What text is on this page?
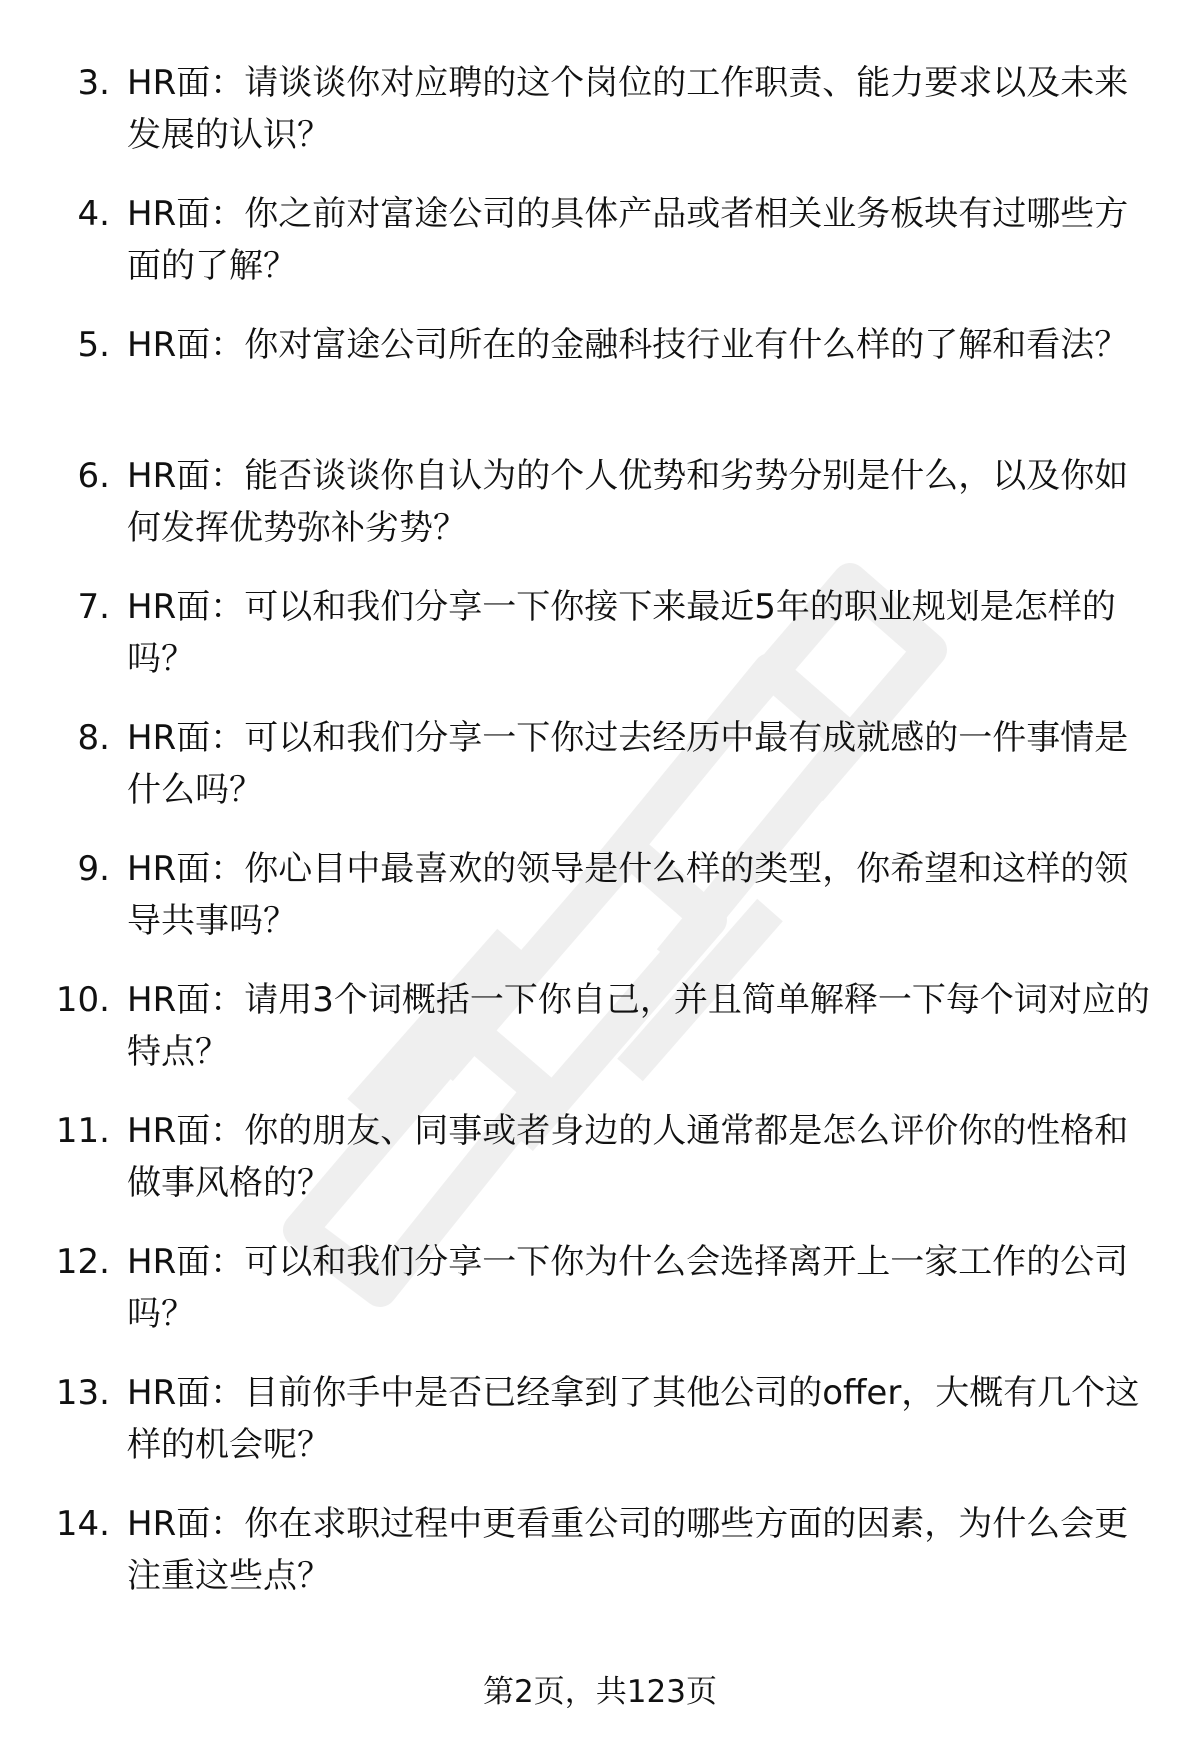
3. HR面：请谈谈你对应聘的这个岗位的工作职责、能力要求以及未来发展的认识？
4. HR面：你之前对富途公司的具体产品或者相关业务板块有过哪些方面的了解？
5. HR面：你对富途公司所在的金融科技行业有什么样的了解和看法？
6. HR面：能否谈谈你自认为的个人优势和劣势分别是什么，以及你如何发挥优势弥补劣势？
7. HR面：可以和我们分享一下你接下来最近5年的职业规划是怎样的吗？
8. HR面：可以和我们分享一下你过去经历中最有成就感的一件事情是什么吗？
9. HR面：你心目中最喜欢的领导是什么样的类型，你希望和这样的领导共事吗？
10. HR面：请用3个词概括一下你自己，并且简单解释一下每个词对应的特点？
11. HR面：你的朋友、同事或者身边的人通常都是怎么评价你的性格和做事风格的？
12. HR面：可以和我们分享一下你为什么会选择离开上一家工作的公司吗？
13. HR面：目前你手中是否已经拿到了其他公司的offer，大概有几个这样的机会呢？
14. HR面：你在求职过程中更看重公司的哪些方面的因素，为什么会更注重这些点？
第2页，共123页
